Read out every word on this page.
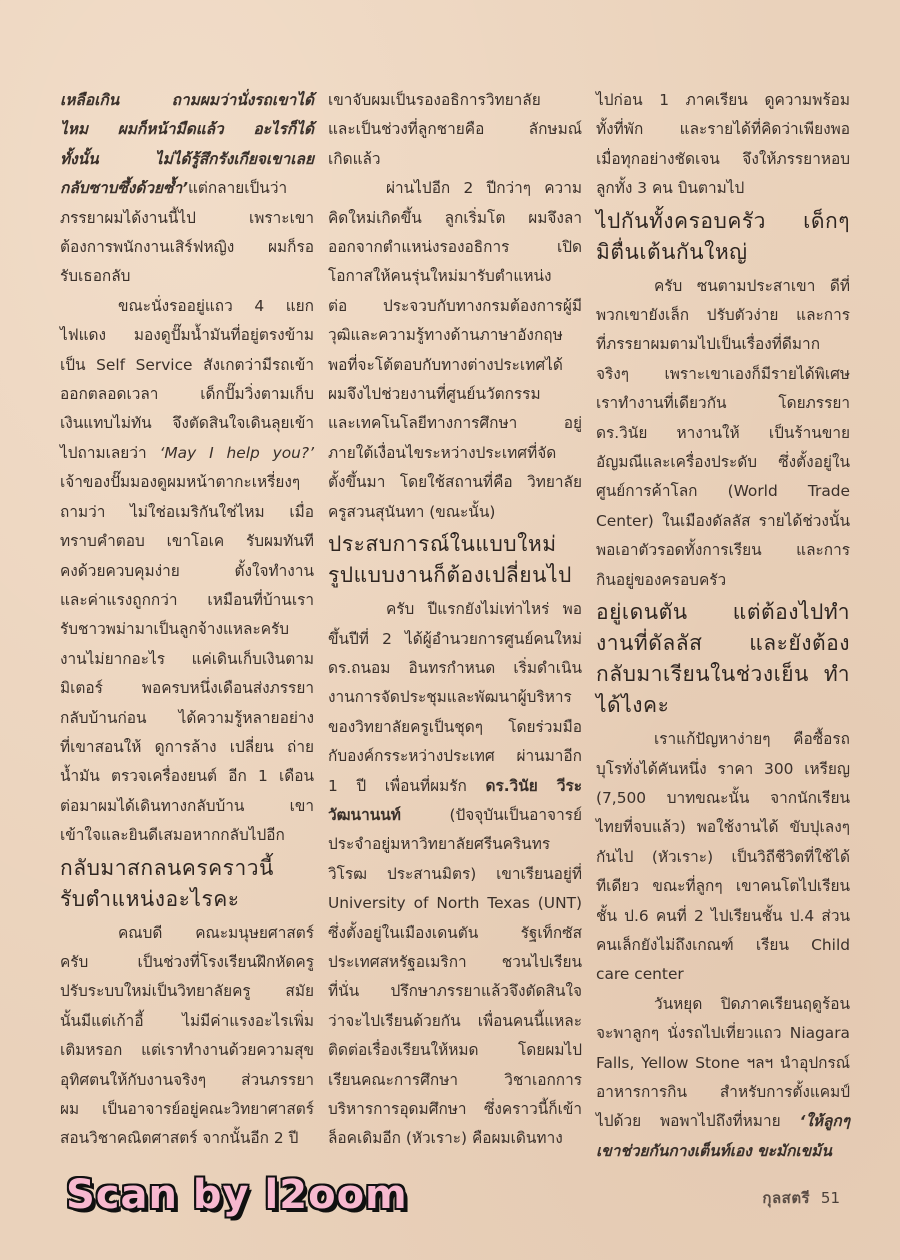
เหลือเกิน ถามผมว่านั่งรถเขาได้
ไหม ผมก็หน้ามืดแล้ว อะไรก็ได้
ทั้งนั้น ไม่ได้รู้สึกรังเกียจเขาเลย
กลับซาบซึ้งด้วยซ้ำ’แต่กลายเป็นว่า
ภรรยาผมได้งานนี้ไป เพราะเขา
ต้องการพนักงานเสิร์ฟหญิง ผมก็รอ
รับเธอกลับ
ขณะนั่งรออยู่แถว 4 แยก
ไฟแดง มองดูปั๊มน้ำมันที่อยู่ตรงข้าม
เป็น Self Service สังเกตว่ามีรถเข้า
ออกตลอดเวลา เด็กปั๊มวิ่งตามเก็บ
เงินแทบไม่ทัน จึงตัดสินใจเดินลุยเข้า
ไปถามเลยว่า ‘May I help you?’
เจ้าของปั๊มมองดูผมหน้าตากะเหรี่ยงๆ
ถามว่า ไม่ใช่อเมริกันใช่ไหม เมื่อ
ทราบคำตอบ เขาโอเค รับผมทันที
คงด้วยควบคุมง่าย ตั้งใจทำงาน
และค่าแรงถูกกว่า เหมือนที่บ้านเรา
รับชาวพม่ามาเป็นลูกจ้างแหละครับ
งานไม่ยากอะไร แค่เดินเก็บเงินตาม
มิเตอร์ พอครบหนึ่งเดือนส่งภรรยา
กลับบ้านก่อน ได้ความรู้หลายอย่าง
ที่เขาสอนให้ ดูการล้าง เปลี่ยน ถ่าย
น้ำมัน ตรวจเครื่องยนต์ อีก 1 เดือน
ต่อมาผมได้เดินทางกลับบ้าน เขา
เข้าใจและยินดีเสมอหากกลับไปอีก
กลับมาสกลนครคราวนี้
รับตำแหน่งอะไรคะ
คณบดี คณะมนุษยศาสตร์
ครับ เป็นช่วงที่โรงเรียนฝึกหัดครู
ปรับระบบใหม่เป็นวิทยาลัยครู สมัย
นั้นมีแต่เก้าอี้ ไม่มีค่าแรงอะไรเพิ่ม
เติมหรอก แต่เราทำงานด้วยความสุข
อุทิศตนให้กับงานจริงๆ ส่วนภรรยา
ผม เป็นอาจารย์อยู่คณะวิทยาศาสตร์
สอนวิชาคณิตศาสตร์ จากนั้นอีก 2 ปี
เขาจับผมเป็นรองอธิการวิทยาลัย
และเป็นช่วงที่ลูกชายคือ ลักษมณ์
เกิดแล้ว
ผ่านไปอีก 2 ปีกว่าๆ ความ
คิดใหม่เกิดขึ้น ลูกเริ่มโต ผมจึงลา
ออกจากตำแหน่งรองอธิการ เปิด
โอกาสให้คนรุ่นใหม่มารับตำแหน่ง
ต่อ ประจวบกับทางกรมต้องการผู้มี
วุฒิและความรู้ทางด้านภาษาอังกฤษ
พอที่จะโต้ตอบกับทางต่างประเทศได้
ผมจึงไปช่วยงานที่ศูนย์นวัตกรรม
และเทคโนโลยีทางการศึกษา อยู่
ภายใต้เงื่อนไขระหว่างประเทศที่จัด
ตั้งขึ้นมา โดยใช้สถานที่คือ วิทยาลัย
ครูสวนสุนันทา (ขณะนั้น)
ประสบการณ์ในแบบใหม่
รูปแบบงานก็ต้องเปลี่ยนไป
ครับ ปีแรกยังไม่เท่าไหร่ พอ
ขึ้นปีที่ 2 ได้ผู้อำนวยการศูนย์คนใหม่
ดร.ถนอม อินทรกำหนด เริ่มดำเนิน
งานการจัดประชุมและพัฒนาผู้บริหาร
ของวิทยาลัยครูเป็นชุดๆ โดยร่วมมือ
กับองค์กรระหว่างประเทศ ผ่านมาอีก
1 ปี เพื่อนที่ผมรัก ดร.วินัย วีระ
วัฒนานนท์ (ปัจจุบันเป็นอาจารย์
ประจำอยู่มหาวิทยาลัยศรีนครินทร
วิโรฒ ประสานมิตร) เขาเรียนอยู่ที่
University of North Texas (UNT)
ซึ่งตั้งอยู่ในเมืองเดนตัน รัฐเท็กซัส
ประเทศสหรัฐอเมริกา ชวนไปเรียน
ที่นั่น ปรึกษาภรรยาแล้วจึงตัดสินใจ
ว่าจะไปเรียนด้วยกัน เพื่อนคนนี้แหละ
ติดต่อเรื่องเรียนให้หมด โดยผมไป
เรียนคณะการศึกษา วิชาเอกการ
บริหารการอุดมศึกษา ซึ่งคราวนี้ก็เข้า
ล็อคเดิมอีก (หัวเราะ) คือผมเดินทาง
ไปก่อน 1 ภาคเรียน ดูความพร้อม
ทั้งที่พัก และรายได้ที่คิดว่าเพียงพอ
เมื่อทุกอย่างชัดเจน จึงให้ภรรยาหอบ
ลูกทั้ง 3 คน บินตามไป
ไปกันทั้งครอบครัว เด็กๆ
มิตื่นเต้นกันใหญ่
ครับ ซนตามประสาเขา ดีที่
พวกเขายังเล็ก ปรับตัวง่าย และการ
ที่ภรรยาผมตามไปเป็นเรื่องที่ดีมาก
จริงๆ เพราะเขาเองก็มีรายได้พิเศษ
เราทำงานที่เดียวกัน โดยภรรยา
ดร.วินัย หางานให้ เป็นร้านขาย
อัญมณีและเครื่องประดับ ซึ่งตั้งอยู่ใน
ศูนย์การค้าโลก (World Trade
Center) ในเมืองดัลลัส รายได้ช่วงนั้น
พอเอาตัวรอดทั้งการเรียน และการ
กินอยู่ของครอบครัว
อยู่เดนตัน แต่ต้องไปทำ
งานที่ดัลลัส และยังต้อง
กลับมาเรียนในช่วงเย็น ทำ
ได้ไงคะ
เราแก้ปัญหาง่ายๆ คือซื้อรถ
บุโรทั่งได้คันหนึ่ง ราคา 300 เหรียญ
(7,500 บาทขณะนั้น จากนักเรียน
ไทยที่จบแล้ว) พอใช้งานได้ ขับปุเลงๆ
กันไป (หัวเราะ) เป็นวิถีชีวิตที่ใช้ได้
ทีเดียว ขณะที่ลูกๆ เขาคนโตไปเรียน
ชั้น ป.6 คนที่ 2 ไปเรียนชั้น ป.4 ส่วน
คนเล็กยังไม่ถึงเกณฑ์ เรียน Child
care center
วันหยุด ปิดภาคเรียนฤดูร้อน
จะพาลูกๆ นั่งรถไปเที่ยวแถว Niagara
Falls, Yellow Stone ฯลฯ นำอุปกรณ์
อาหารการกิน สำหรับการตั้งแคมป์
ไปด้วย พอพาไปถึงที่หมาย ‘ให้ลูกๆ
เขาช่วยกันกางเต็นท์เอง ขะมักเขม้น
Scan by l2oom	กุลสตรี 51
